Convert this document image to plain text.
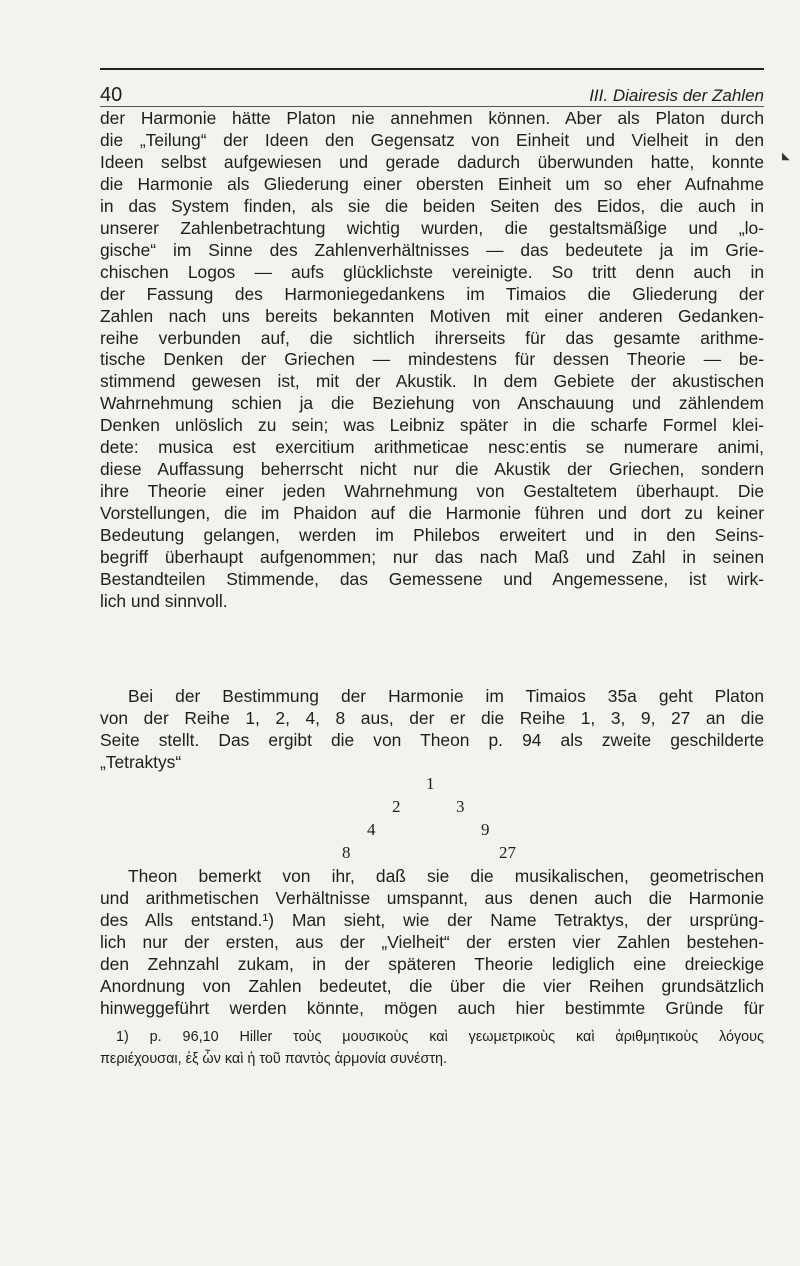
40	III. Diairesis der Zahlen
◣
der Harmonie hätte Platon nie annehmen können. Aber als Platon durch
die „Teilung“ der Ideen den Gegensatz von Einheit und Vielheit in den
Ideen selbst aufgewiesen und gerade dadurch überwunden hatte, konnte
die Harmonie als Gliederung einer obersten Einheit um so eher Aufnahme
in das System finden, als sie die beiden Seiten des Eidos, die auch in
unserer Zahlenbetrachtung wichtig wurden, die gestaltsmäßige und „lo-
gische“ im Sinne des Zahlenverhältnisses — das bedeutete ja im Grie-
chischen Logos — aufs glücklichste vereinigte. So tritt denn auch in
der Fassung des Harmoniegedankens im Timaios die Gliederung der
Zahlen nach uns bereits bekannten Motiven mit einer anderen Gedanken-
reihe verbunden auf, die sichtlich ihrerseits für das gesamte arithme-
tische Denken der Griechen — mindestens für dessen Theorie — be-
stimmend gewesen ist, mit der Akustik. In dem Gebiete der akustischen
Wahrnehmung schien ja die Beziehung von Anschauung und zählendem
Denken unlöslich zu sein; was Leibniz später in die scharfe Formel klei-
dete: musica est exercitium arithmeticae nesc:entis se numerare animi,
diese Auffassung beherrscht nicht nur die Akustik der Griechen, sondern
ihre Theorie einer jeden Wahrnehmung von Gestaltetem überhaupt. Die
Vorstellungen, die im Phaidon auf die Harmonie führen und dort zu keiner
Bedeutung gelangen, werden im Philebos erweitert und in den Seins-
begriff überhaupt aufgenommen; nur das nach Maß und Zahl in seinen
Bestandteilen Stimmende, das Gemessene und Angemessene, ist wirk-
lich und sinnvoll.
Bei der Bestimmung der Harmonie im Timaios 35a geht Platon
von der Reihe 1, 2, 4, 8 aus, der er die Reihe 1, 3, 9, 27 an die
Seite stellt. Das ergibt die von Theon p. 94 als zweite geschilderte
„Tetraktys“
1
2	3
4	9
8	27
Theon bemerkt von ihr, daß sie die musikalischen, geometrischen
und arithmetischen Verhältnisse umspannt, aus denen auch die Harmonie
des Alls entstand.¹) Man sieht, wie der Name Tetraktys, der ursprüng-
lich nur der ersten, aus der „Vielheit“ der ersten vier Zahlen bestehen-
den Zehnzahl zukam, in der späteren Theorie lediglich eine dreieckige
Anordnung von Zahlen bedeutet, die über die vier Reihen grundsätzlich
hinweggeführt werden könnte, mögen auch hier bestimmte Gründe für
1) p. 96,10 Hiller τοὺς μουσικοὺς καὶ γεωμετρικοὺς καὶ ἀριθμητικοὺς λόγους
περιέχουσαι, ἐξ ὧν καὶ ἡ τοῦ παντὸς ἁρμονία συνέστη.
